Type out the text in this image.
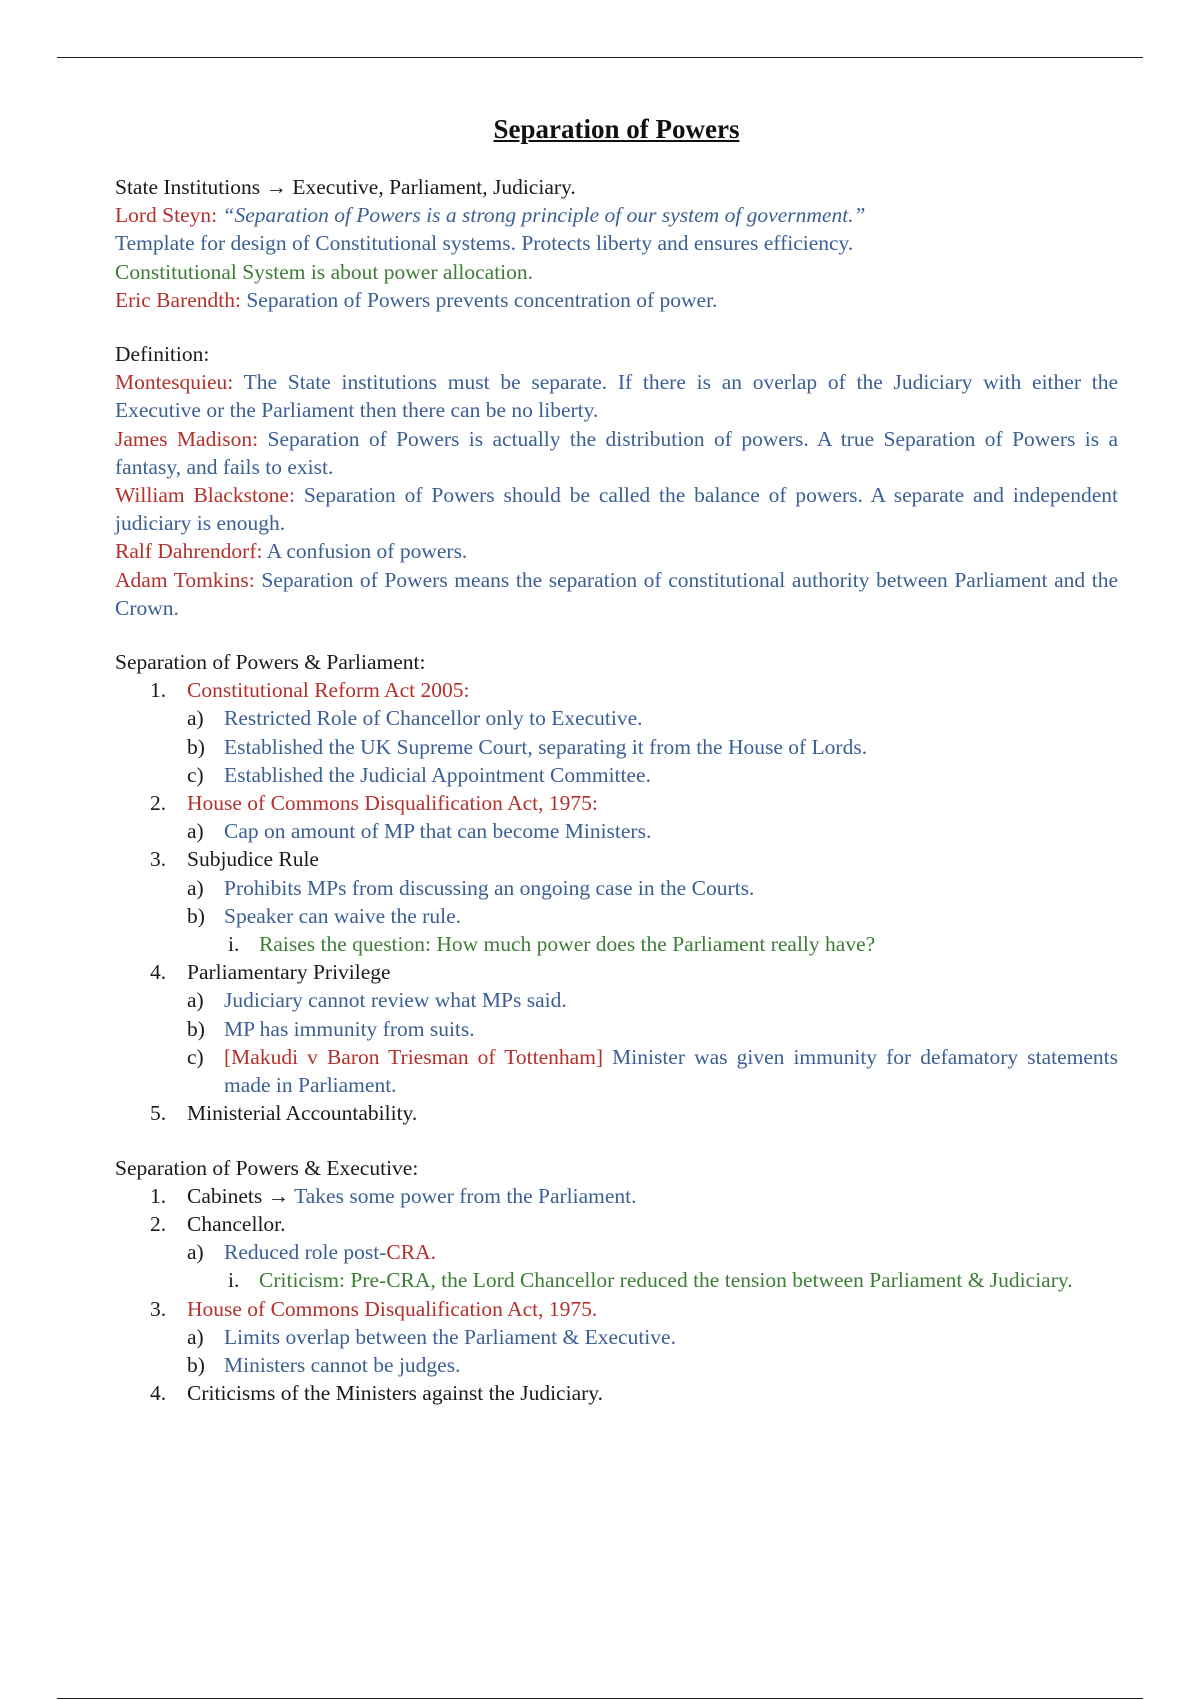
Separation of Powers

State Institutions → Executive, Parliament, Judiciary.

Lord Steyn: “Separation of Powers is a strong principle of our system of government.”

Template for design of Constitutional systems. Protects liberty and ensures efficiency.

Constitutional System is about power allocation.

Eric Barendth: Separation of Powers prevents concentration of power.

Definition:

Montesquieu: The State institutions must be separate. If there is an overlap of the Judiciary with either the Executive or the Parliament then there can be no liberty.

James Madison: Separation of Powers is actually the distribution of powers. A true Separation of Powers is a fantasy, and fails to exist.

William Blackstone: Separation of Powers should be called the balance of powers. A separate and independent judiciary is enough.

Ralf Dahrendorf: A confusion of powers.

Adam Tomkins: Separation of Powers means the separation of constitutional authority between Parliament and the Crown.

Separation of Powers & Parliament:

1. Constitutional Reform Act 2005:
a) Restricted Role of Chancellor only to Executive.
b) Established the UK Supreme Court, separating it from the House of Lords.
c) Established the Judicial Appointment Committee.
2. House of Commons Disqualification Act, 1975:
a) Cap on amount of MP that can become Ministers.
3. Subjudice Rule
a) Prohibits MPs from discussing an ongoing case in the Courts.
b) Speaker can waive the rule.
i. Raises the question: How much power does the Parliament really have?
4. Parliamentary Privilege
a) Judiciary cannot review what MPs said.
b) MP has immunity from suits.
c) [Makudi v Baron Triesman of Tottenham] Minister was given immunity for defamatory statements made in Parliament.
5. Ministerial Accountability.

Separation of Powers & Executive:

1. Cabinets → Takes some power from the Parliament.
2. Chancellor.
a) Reduced role post-CRA.
i. Criticism: Pre-CRA, the Lord Chancellor reduced the tension between Parliament & Judiciary.
3. House of Commons Disqualification Act, 1975.
a) Limits overlap between the Parliament & Executive.
b) Ministers cannot be judges.
4. Criticisms of the Ministers against the Judiciary.
